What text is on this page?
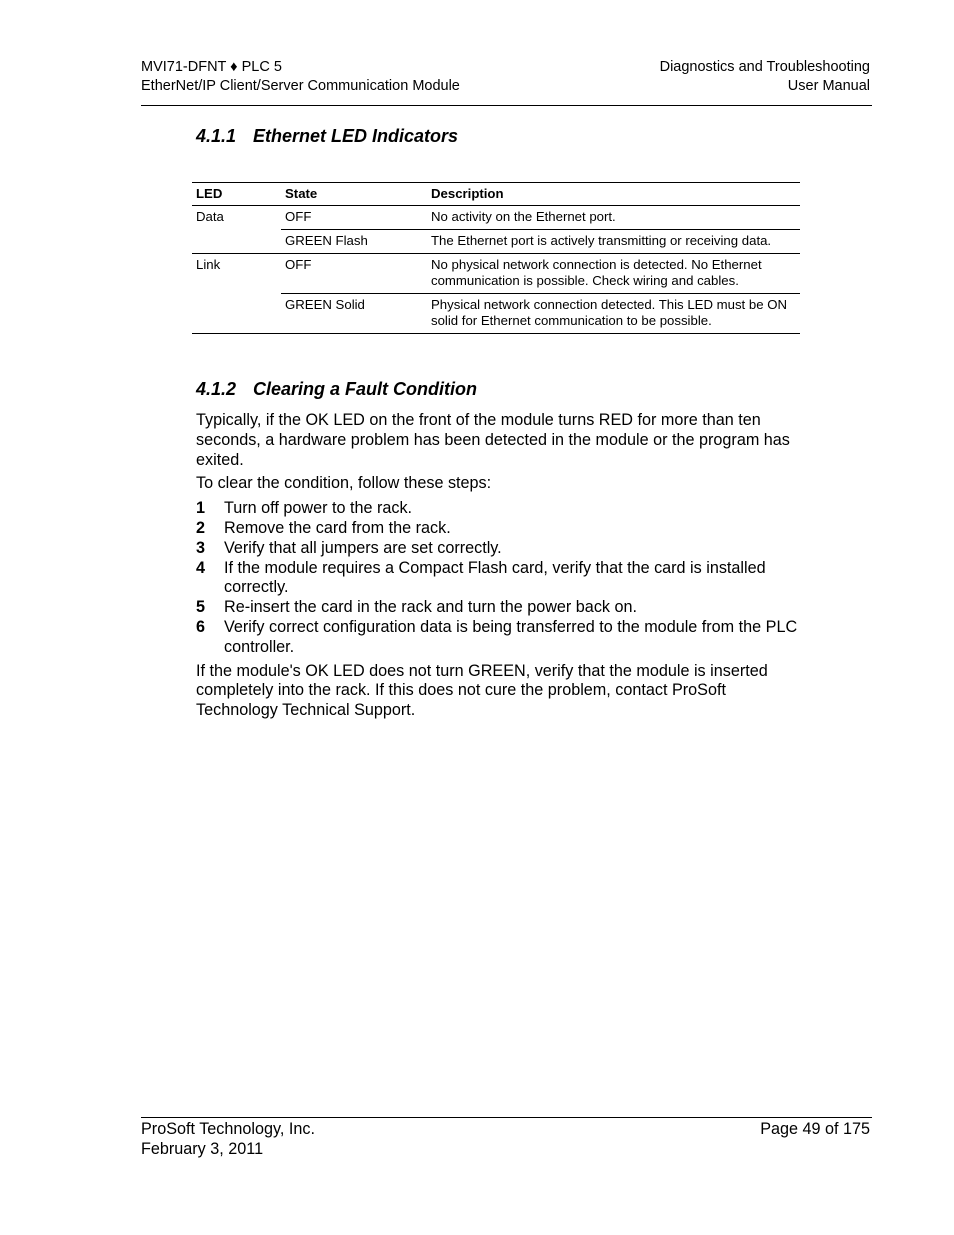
MVI71-DFNT ♦ PLC 5
EtherNet/IP Client/Server Communication Module
Diagnostics and Troubleshooting
User Manual
4.1.1 Ethernet LED Indicators
LED	State	Description
Data	OFF	No activity on the Ethernet port.
	GREEN Flash	The Ethernet port is actively transmitting or receiving data.
Link	OFF	No physical network connection is detected. No Ethernet communication is possible. Check wiring and cables.
	GREEN Solid	Physical network connection detected. This LED must be ON solid for Ethernet communication to be possible.
4.1.2 Clearing a Fault Condition

Typically, if the OK LED on the front of the module turns RED for more than ten seconds, a hardware problem has been detected in the module or the program has exited.

To clear the condition, follow these steps:

1 Turn off power to the rack.
2 Remove the card from the rack.
3 Verify that all jumpers are set correctly.
4 If the module requires a Compact Flash card, verify that the card is installed correctly.
5 Re-insert the card in the rack and turn the power back on.
6 Verify correct configuration data is being transferred to the module from the PLC controller.

If the module's OK LED does not turn GREEN, verify that the module is inserted completely into the rack. If this does not cure the problem, contact ProSoft Technology Technical Support.

ProSoft Technology, Inc.
February 3, 2011
Page 49 of 175
